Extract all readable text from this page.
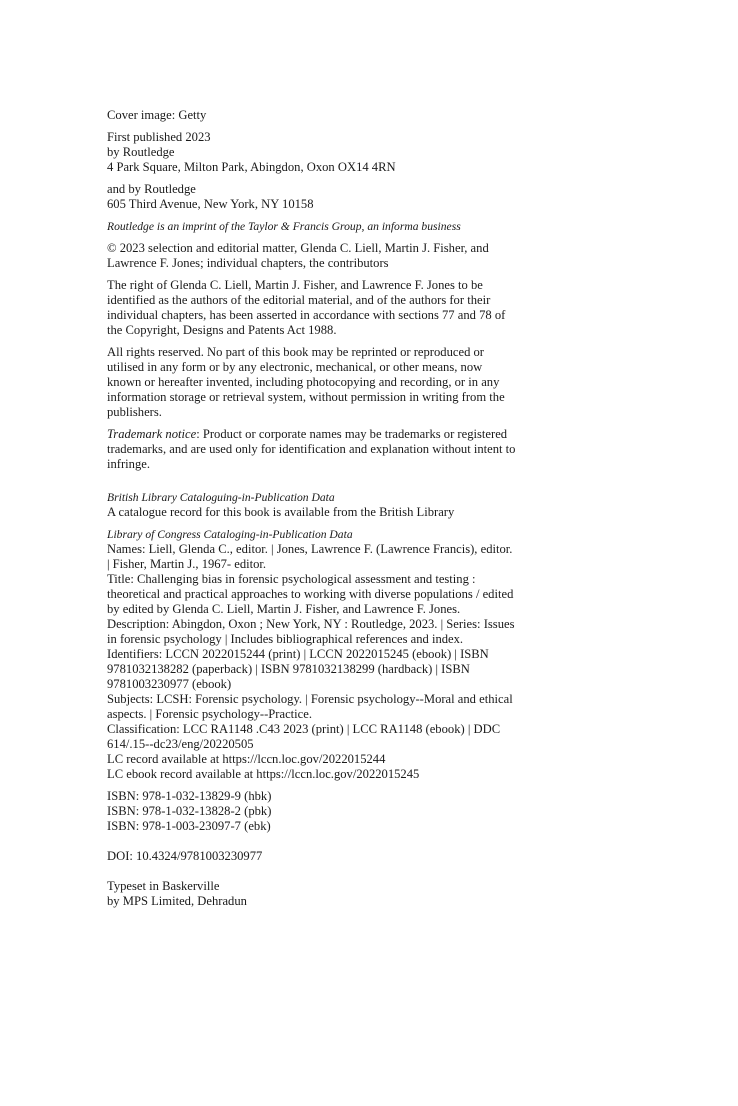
Cover image: Getty
First published 2023
by Routledge
4 Park Square, Milton Park, Abingdon, Oxon OX14 4RN
and by Routledge
605 Third Avenue, New York, NY 10158
Routledge is an imprint of the Taylor & Francis Group, an informa business
© 2023 selection and editorial matter, Glenda C. Liell, Martin J. Fisher, and Lawrence F. Jones; individual chapters, the contributors
The right of Glenda C. Liell, Martin J. Fisher, and Lawrence F. Jones to be identified as the authors of the editorial material, and of the authors for their individual chapters, has been asserted in accordance with sections 77 and 78 of the Copyright, Designs and Patents Act 1988.
All rights reserved. No part of this book may be reprinted or reproduced or utilised in any form or by any electronic, mechanical, or other means, now known or hereafter invented, including photocopying and recording, or in any information storage or retrieval system, without permission in writing from the publishers.
Trademark notice: Product or corporate names may be trademarks or registered trademarks, and are used only for identification and explanation without intent to infringe.
British Library Cataloguing-in-Publication Data
A catalogue record for this book is available from the British Library
Library of Congress Cataloging-in-Publication Data
Names: Liell, Glenda C., editor. | Jones, Lawrence F. (Lawrence Francis), editor. | Fisher, Martin J., 1967- editor.
Title: Challenging bias in forensic psychological assessment and testing : theoretical and practical approaches to working with diverse populations / edited by edited by Glenda C. Liell, Martin J. Fisher, and Lawrence F. Jones.
Description: Abingdon, Oxon ; New York, NY : Routledge, 2023. | Series: Issues in forensic psychology | Includes bibliographical references and index.
Identifiers: LCCN 2022015244 (print) | LCCN 2022015245 (ebook) | ISBN 9781032138282 (paperback) | ISBN 9781032138299 (hardback) | ISBN 9781003230977 (ebook)
Subjects: LCSH: Forensic psychology. | Forensic psychology--Moral and ethical aspects. | Forensic psychology--Practice.
Classification: LCC RA1148 .C43 2023 (print) | LCC RA1148 (ebook) | DDC 614/.15--dc23/eng/20220505
LC record available at https://lccn.loc.gov/2022015244
LC ebook record available at https://lccn.loc.gov/2022015245
ISBN: 978-1-032-13829-9 (hbk)
ISBN: 978-1-032-13828-2 (pbk)
ISBN: 978-1-003-23097-7 (ebk)
DOI: 10.4324/9781003230977
Typeset in Baskerville
by MPS Limited, Dehradun
